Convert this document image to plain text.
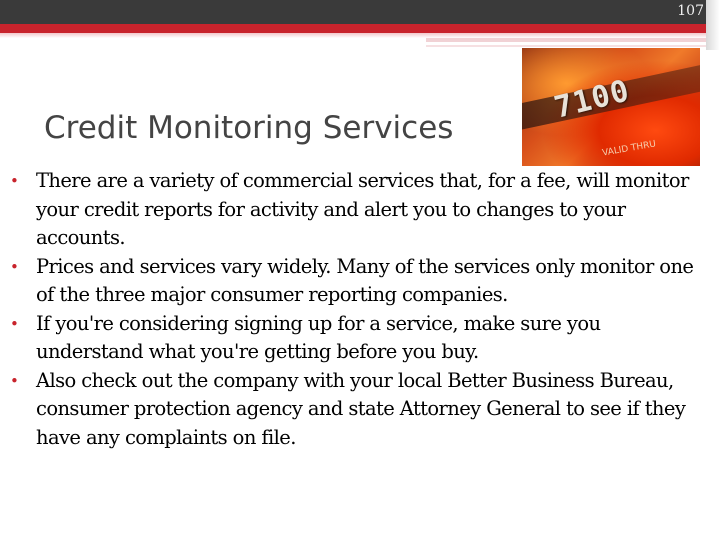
107
7100
VALID THRU
Credit Monitoring Services
• There are a variety of commercial services that, for a fee, will monitor your credit reports for activity and alert you to changes to your accounts.
• Prices and services vary widely. Many of the services only monitor one of the three major consumer reporting companies.
• If you're considering signing up for a service, make sure you understand what you're getting before you buy.
• Also check out the company with your local Better Business Bureau, consumer protection agency and state Attorney General to see if they have any complaints on file.
